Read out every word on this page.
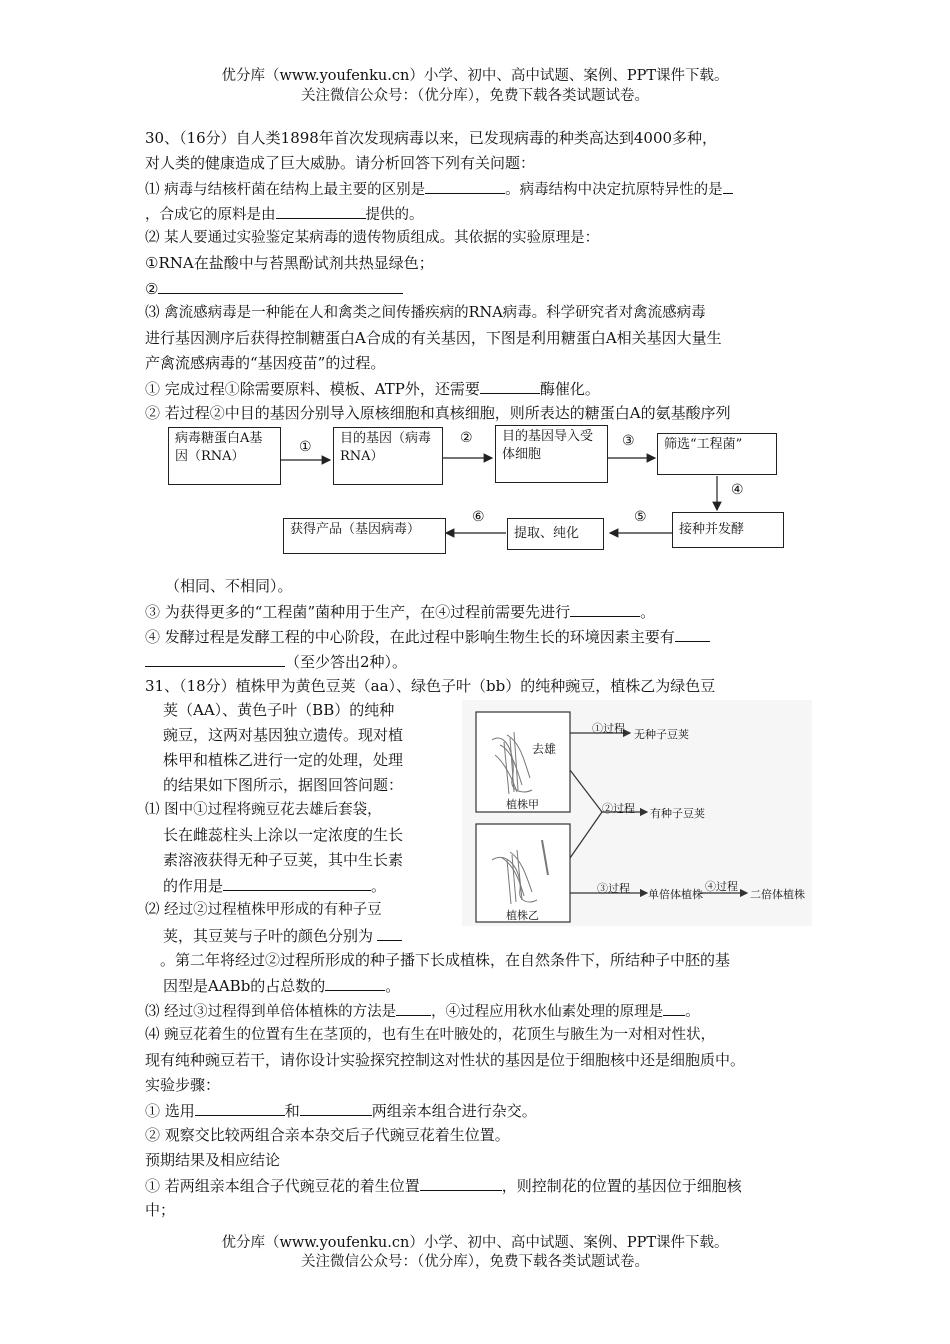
优分库（www.youfenku.cn）小学、初中、高中试题、案例、PPT课件下载。
关注微信公众号：（优分库），免费下载各类试题试卷。
30、（16分）自人类1898年首次发现病毒以来，已发现病毒的种类高达到4000多种，
对人类的健康造成了巨大威胁。请分析回答下列有关问题：
⑴ 病毒与结核杆菌在结构上最主要的区别是	。病毒结构中决定抗原特异性的是
，合成它的原料是由	提供的。
⑵ 某人要通过实验鉴定某病毒的遗传物质组成。其依据的实验原理是：
①RNA在盐酸中与苔黑酚试剂共热显绿色；
②
⑶ 禽流感病毒是一种能在人和禽类之间传播疾病的RNA病毒。科学研究者对禽流感病毒
进行基因测序后获得控制糖蛋白A合成的有关基因，下图是利用糖蛋白A相关基因大量生
产禽流感病毒的“基因疫苗”的过程。
① 完成过程①除需要原料、模板、ATP外，还需要	酶催化。
② 若过程②中目的基因分别导入原核细胞和真核细胞，则所表达的糖蛋白A的氨基酸序列
病毒糖蛋白A基因（RNA）
目的基因（病毒RNA）
目的基因导入受体细胞
筛选“工程菌”
接种并发酵
提取、纯化
获得产品（基因病毒）
①
②	③
④
⑤
⑥
（相同、不相同）。
③ 为获得更多的“工程菌”菌种用于生产，在④过程前需要先进行	。
④ 发酵过程是发酵工程的中心阶段，在此过程中影响生物生长的环境因素主要有
（至少答出2种）。
31、（18分）植株甲为黄色豆荚（aa）、绿色子叶（bb）的纯种豌豆，植株乙为绿色豆
荚（AA）、黄色子叶（BB）的纯种
豌豆，这两对基因独立遗传。现对植
株甲和植株乙进行一定的处理，处理
的结果如下图所示，据图回答问题：
⑴ 图中①过程将豌豆花去雄后套袋，
长在雌蕊柱头上涂以一定浓度的生长
素溶液获得无种子豆荚，其中生长素
的作用是	。
⑵ 经过②过程植株甲形成的有种子豆
荚，其豆荚与子叶的颜色分别为
去雄
植株甲
植株乙
①过程
②过程
③过程	④过程
无种子豆荚
有种子豆荚
单倍体植株	二倍体植株
。第二年将经过②过程所形成的种子播下长成植株，在自然条件下，所结种子中胚的基
因型是AABb的占总数的	。
⑶ 经过③过程得到单倍体植株的方法是 ，④过程应用秋水仙素处理的原理是 。
⑷ 豌豆花着生的位置有生在茎顶的，也有生在叶腋处的，花顶生与腋生为一对相对性状，
现有纯种豌豆若干，请你设计实验探究控制这对性状的基因是位于细胞核中还是细胞质中。
实验步骤：
① 选用	和	两组亲本组合进行杂交。
② 观察交比较两组合亲本杂交后子代豌豆花着生位置。
预期结果及相应结论
① 若两组亲本组合子代豌豆花的着生位置	，则控制花的位置的基因位于细胞核
中；
优分库（www.youfenku.cn）小学、初中、高中试题、案例、PPT课件下载。
关注微信公众号：（优分库），免费下载各类试题试卷。
